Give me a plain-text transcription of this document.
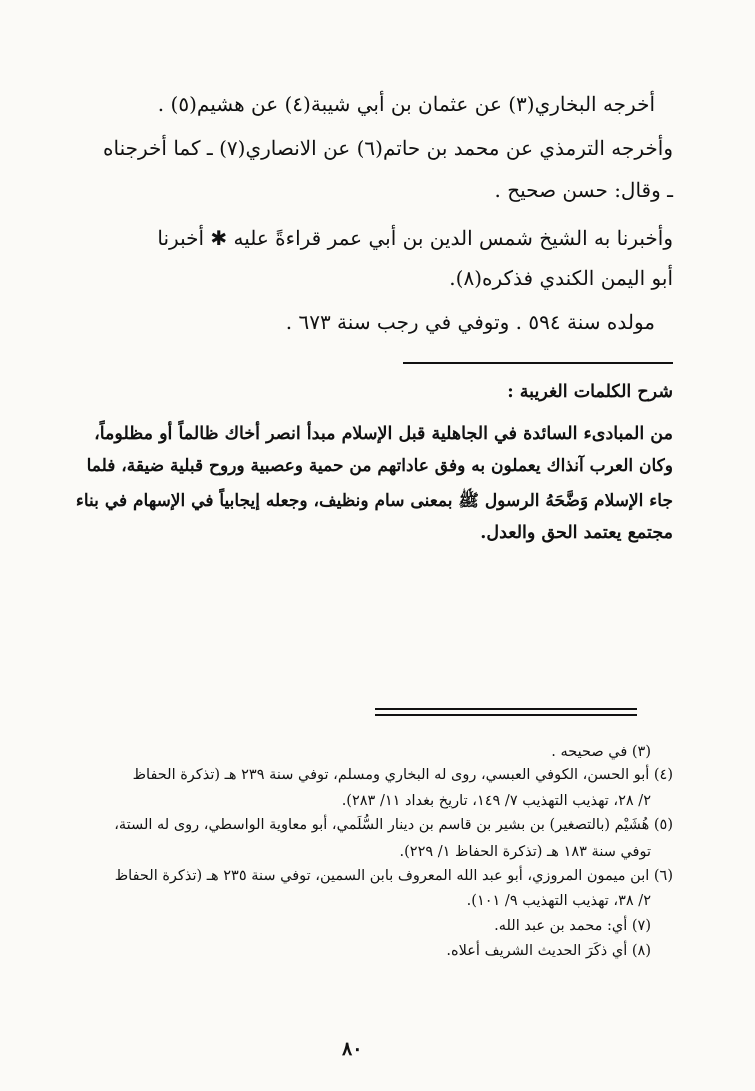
أخرجه البخاري(٣) عن عثمان بن أبي شيبة(٤) عن هشيم(٥) .
وأخرجه الترمذي عن محمد بن حاتم(٦) عن الانصاري(٧) ـ كما أخرجناه
ـ وقال: حسن صحيح .
وأخبرنا به الشيخ شمس الدين بن أبي عمر قراءةً عليه ✱ أخبرنا
أبو اليمن الكندي فذكره(٨).
مولده سنة ٥٩٤ . وتوفي في رجب سنة ٦٧٣ .
شرح الكلمات الغريبة :
من المبادىء السائدة في الجاهلية قبل الإسلام مبدأ انصر أخاك ظالماً أو مظلوماً،
وكان العرب آنذاك يعملون به وفق عاداتهم من حمية وعصبية وروح قبلية ضيقة، فلما
جاء الإسلام وَضَّحَهُ الرسول ﷺ بمعنى سام ونظيف، وجعله إيجابياً في الإسهام في بناء
مجتمع يعتمد الحق والعدل.
(٣) في صحيحه .
(٤) أبو الحسن، الكوفي العبسي، روى له البخاري ومسلم، توفي سنة ٢٣٩ هـ (تذكرة الحفاظ
٢/ ٢٨، تهذيب التهذيب ٧/ ١٤٩، تاريخ بغداد ١١/ ٢٨٣).
(٥) هُشَيْم (بالتصغير) بن بشير بن قاسم بن دينار السُّلَمي، أبو معاوية الواسطي، روى له الستة،
توفي سنة ١٨٣ هـ (تذكرة الحفاظ ١/ ٢٢٩).
(٦) ابن ميمون المروزي، أبو عبد الله المعروف بابن السمين، توفي سنة ٢٣٥ هـ (تذكرة الحفاظ
٢/ ٣٨، تهذيب التهذيب ٩/ ١٠١).
(٧) أي: محمد بن عبد الله.
(٨) أي ذكَرَ الحديث الشريف أعلاه.
٨٠
